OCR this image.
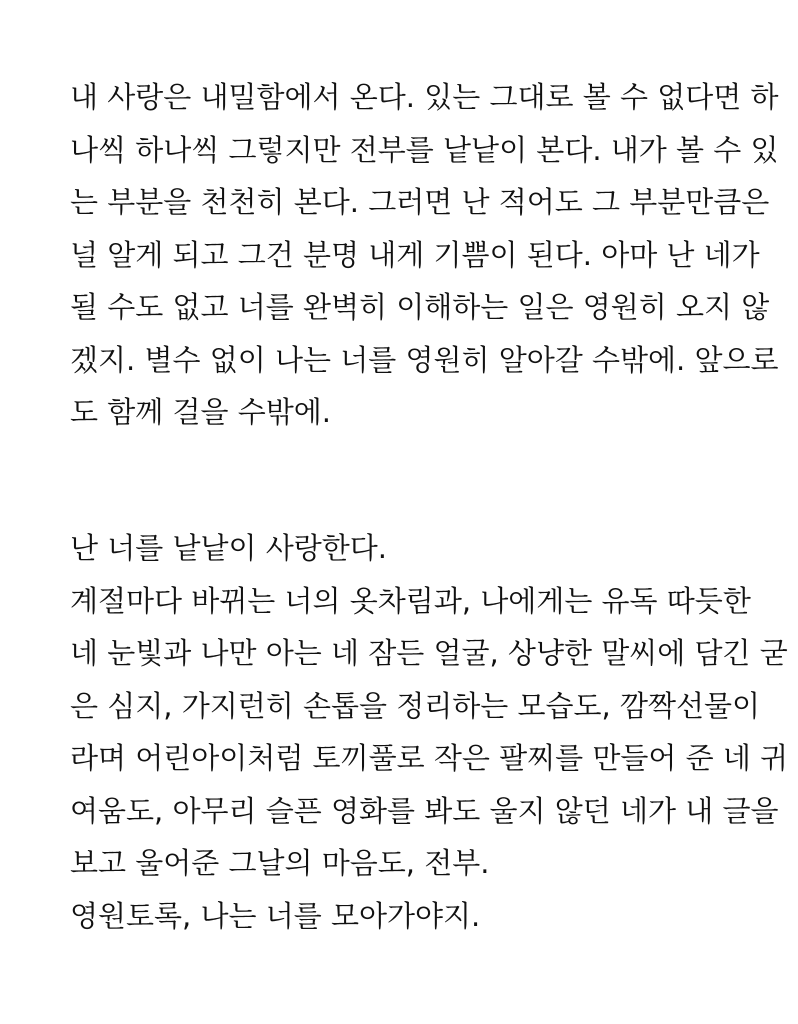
내 사랑은 내밀함에서 온다. 있는 그대로 볼 수 없다면 하
나씩 하나씩 그렇지만 전부를 낱낱이 본다. 내가 볼 수 있
는 부분을 천천히 본다. 그러면 난 적어도 그 부분만큼은
널 알게 되고 그건 분명 내게 기쁨이 된다. 아마 난 네가
될 수도 없고 너를 완벽히 이해하는 일은 영원히 오지 않
겠지. 별수 없이 나는 너를 영원히 알아갈 수밖에. 앞으로
도 함께 걸을 수밖에.
난 너를 낱낱이 사랑한다.
계절마다 바뀌는 너의 옷차림과, 나에게는 유독 따듯한
네 눈빛과 나만 아는 네 잠든 얼굴, 상냥한 말씨에 담긴 굳
은 심지, 가지런히 손톱을 정리하는 모습도, 깜짝선물이
라며 어린아이처럼 토끼풀로 작은 팔찌를 만들어 준 네 귀
여움도, 아무리 슬픈 영화를 봐도 울지 않던 네가 내 글을
보고 울어준 그날의 마음도, 전부.
영원토록, 나는 너를 모아가야지.
